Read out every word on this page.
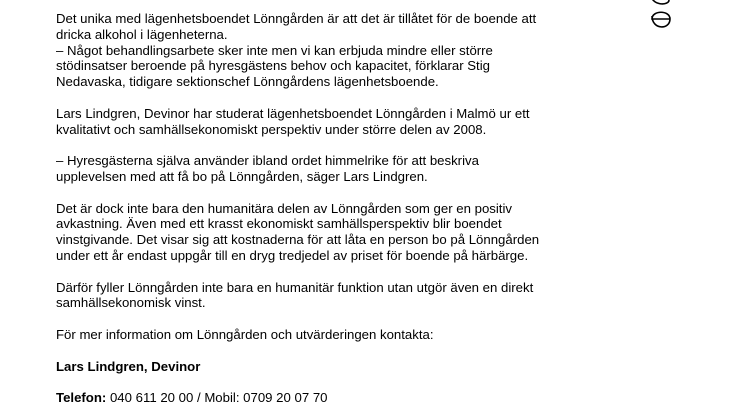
Det unika med lägenhetsboendet Lönngården är att det är tillåtet för de boende att
dricka alkohol i lägenheterna.
– Något behandlingsarbete sker inte men vi kan erbjuda mindre eller större
stödinsatser beroende på hyresgästens behov och kapacitet, förklarar Stig
Nedavaska, tidigare sektionschef Lönngårdens lägenhetsboende.

Lars Lindgren, Devinor har studerat lägenhetsboendet Lönngården i Malmö ur ett
kvalitativt och samhällsekonomiskt perspektiv under större delen av 2008.

– Hyresgästerna själva använder ibland ordet himmelrike för att beskriva
upplevelsen med att få bo på Lönngården, säger Lars Lindgren.

Det är dock inte bara den humanitära delen av Lönngården som ger en positiv
avkastning. Även med ett krasst ekonomiskt samhällsperspektiv blir boendet
vinstgivande. Det visar sig att kostnaderna för att låta en person bo på Lönngården
under ett år endast uppgår till en dryg tredjedel av priset för boende på härbärge.

Därför fyller Lönngården inte bara en humanitär funktion utan utgör även en direkt
samhällsekonomisk vinst.

För mer information om Lönngården och utvärderingen kontakta:

Lars Lindgren, Devinor

Telefon: 040 611 20 00 / Mobil: 0709 20 07 70
